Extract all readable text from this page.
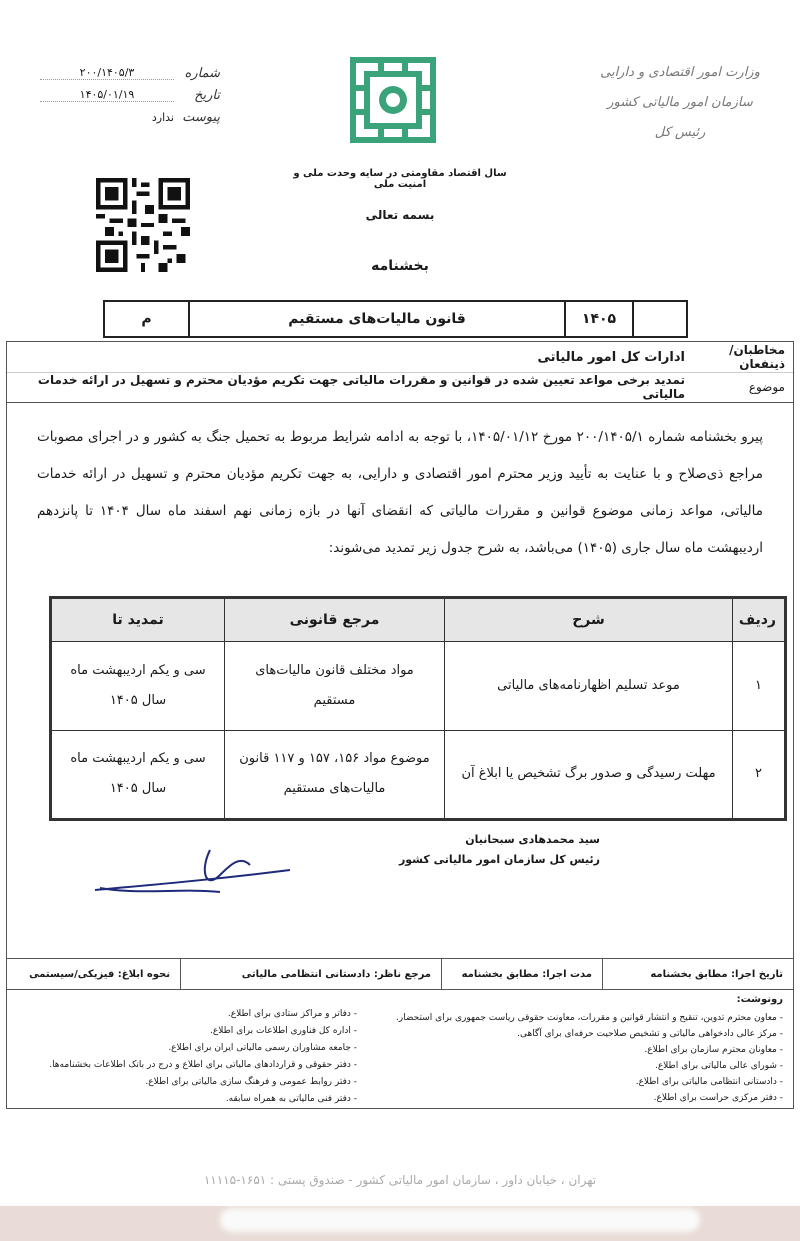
شماره
۲۰۰/۱۴۰۵/۳
تاریخ
۱۴۰۵/۰۱/۱۹
پیوست
ندارد
سال اقتصاد مقاومتی در سایه وحدت ملی و امنیت ملی
بسمه تعالی
بخشنامه
وزارت امور اقتصادی و دارایی
سازمان امور مالیاتی کشور
رئیس کل
۱۴۰۵
قانون مالیات‌های مستقیم
م
مخاطبان/ذینفعان
ادارات کل امور مالیاتی
موضوع
تمدید برخی مواعد تعیین شده در قوانین و مقررات مالیاتی جهت تکریم مؤدیان محترم و تسهیل در ارائه خدمات مالیاتی
پیرو بخشنامه شماره ۲۰۰/۱۴۰۵/۱ مورخ ۱۴۰۵/۰۱/۱۲، با توجه به ادامه شرایط مربوط به تحمیل جنگ به کشور و در اجرای مصوبات مراجع ذی‌صلاح و با عنایت به تأیید وزیر محترم امور اقتصادی و دارایی، به جهت تکریم مؤدیان محترم و تسهیل در ارائه خدمات مالیاتی، مواعد زمانی موضوع قوانین و مقررات مالیاتی که انقضای آنها در بازه زمانی نهم اسفند ماه سال ۱۴۰۴ تا پانزدهم اردیبهشت ماه سال جاری (۱۴۰۵) می‌باشد، به شرح جدول زیر تمدید می‌شوند:
ردیف	شرح	مرجع قانونی	تمدید تا
۱	موعد تسلیم اظهارنامه‌های مالیاتی	مواد مختلف قانون مالیات‌های مستقیم	سی و یکم اردیبهشت ماه سال ۱۴۰۵
۲	مهلت رسیدگی و صدور برگ تشخیص یا ابلاغ آن	موضوع مواد ۱۵۶، ۱۵۷ و ۱۱۷ قانون مالیات‌های مستقیم	سی و یکم اردیبهشت ماه سال ۱۴۰۵
تاریخ اجرا: مطابق بخشنامه
مدت اجرا: مطابق بخشنامه
مرجع ناظر: دادستانی انتظامی مالیاتی
نحوه ابلاغ: فیزیکی/سیستمی
رونوشت:
- معاون محترم تدوین، تنقیح و انتشار قوانین و مقررات، معاونت حقوقی ریاست جمهوری برای استحضار.
- مرکز عالی دادخواهی مالیاتی و تشخیص صلاحیت حرفه‌ای برای آگاهی.
- معاونان محترم سازمان برای اطلاع.
- شورای عالی مالیاتی برای اطلاع.
- دادستانی انتظامی مالیاتی برای اطلاع.
- دفتر مرکزی حراست برای اطلاع.
- دفاتر و مراکز ستادی برای اطلاع.
- اداره کل فناوری اطلاعات برای اطلاع.
- جامعه مشاوران رسمی مالیاتی ایران برای اطلاع.
- دفتر حقوقی و قراردادهای مالیاتی برای اطلاع و درج در بانک اطلاعات بخشنامه‌ها.
- دفتر روابط عمومی و فرهنگ سازی مالیاتی برای اطلاع.
- دفتر فنی مالیاتی به همراه سابقه.
سید محمدهادی سبحانیان
رئیس کل سازمان امور مالیاتی کشور
تهران ، خیابان داور ، سازمان امور مالیاتی کشور - صندوق پستی : ۱۶۵۱-۱۱۱۱۵
